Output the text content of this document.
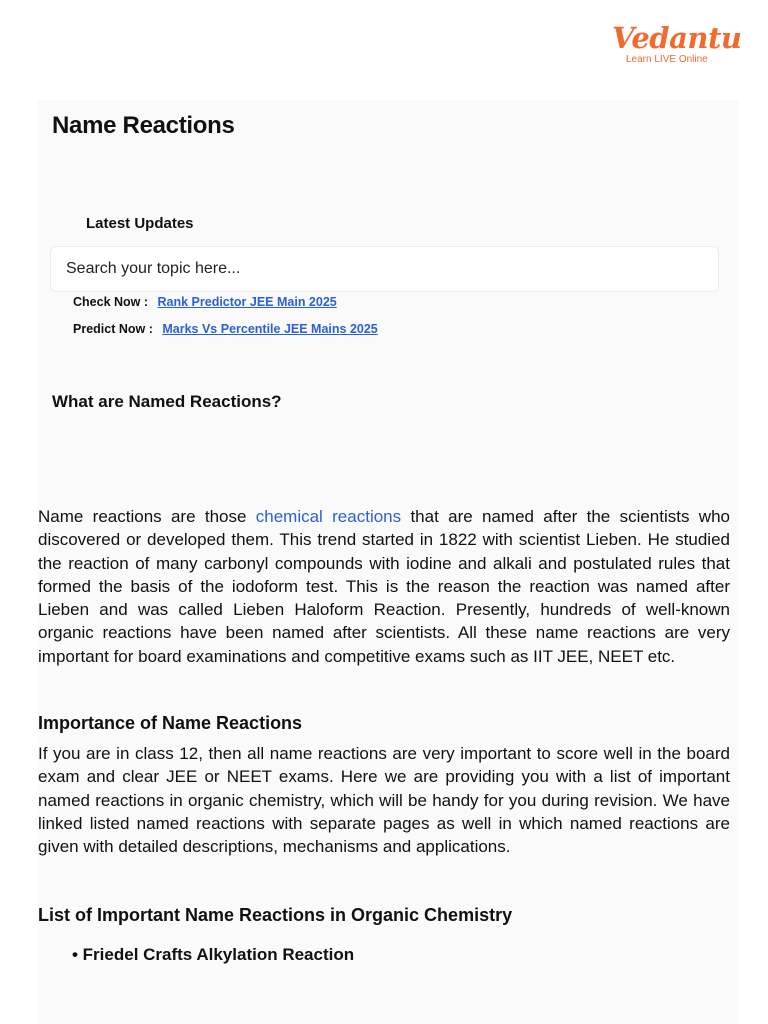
Vedantu
Learn LIVE Online
Name Reactions
Latest Updates
Search your topic here...
Check Now : Rank Predictor JEE Main 2025
Predict Now : Marks Vs Percentile JEE Mains 2025
What are Named Reactions?

Name reactions are those chemical reactions that are named after the scientists who discovered or developed them. This trend started in 1822 with scientist Lieben. He studied the reaction of many carbonyl compounds with iodine and alkali and postulated rules that formed the basis of the iodoform test. This is the reason the reaction was named after Lieben and was called Lieben Haloform Reaction. Presently, hundreds of well-known organic reactions have been named after scientists. All these name reactions are very important for board examinations and competitive exams such as IIT JEE, NEET etc.

Importance of Name Reactions

If you are in class 12, then all name reactions are very important to score well in the board exam and clear JEE or NEET exams. Here we are providing you with a list of important named reactions in organic chemistry, which will be handy for you during revision. We have linked listed named reactions with separate pages as well in which named reactions are given with detailed descriptions, mechanisms and applications.

List of Important Name Reactions in Organic Chemistry
• Friedel Crafts Alkylation Reaction
